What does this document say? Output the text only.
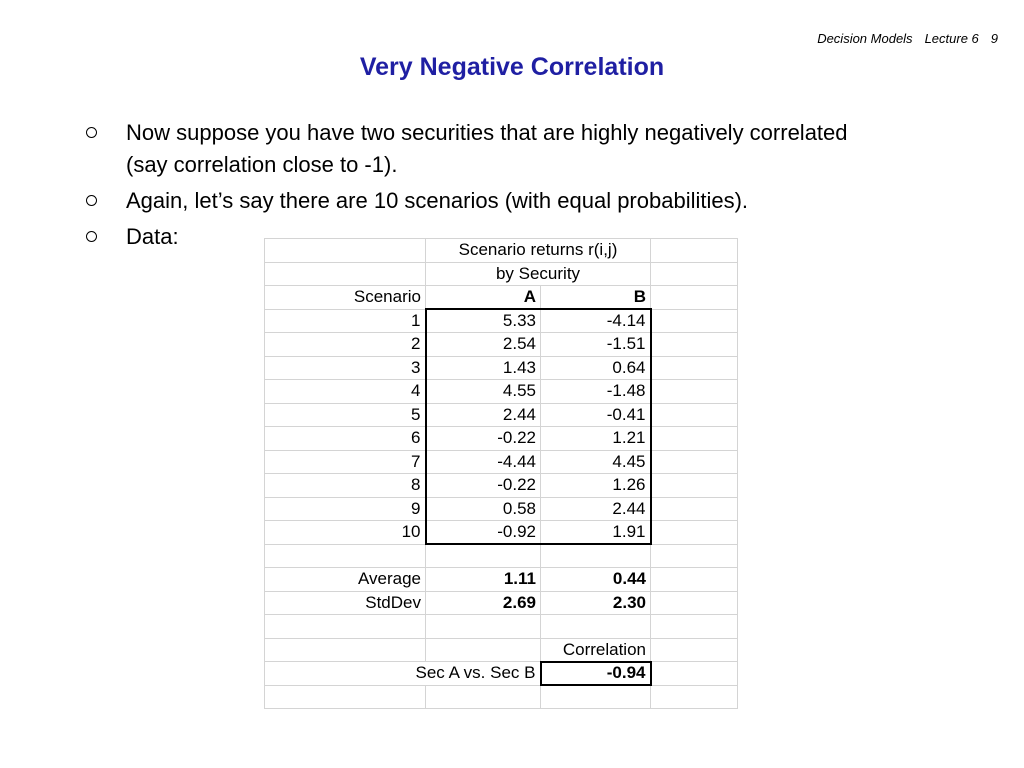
Decision Models Lecture 6 9
Very Negative Correlation
Now suppose you have two securities that are highly negatively correlated (say correlation close to -1).
Again, let’s say there are 10 scenarios (with equal probabilities).
Data:
	Scenario returns r(i,j)		
	by Security		
Scenario	A	B	
1	5.33	-4.14	
2	2.54	-1.51	
3	1.43	0.64	
4	4.55	-1.48	
5	2.44	-0.41	
6	-0.22	1.21	
7	-4.44	4.45	
8	-0.22	1.26	
9	0.58	2.44	
10	-0.92	1.91	

Average	1.11	0.44	
StdDev	2.69	2.30	

		Correlation	
Sec A vs. Sec B		-0.94	
